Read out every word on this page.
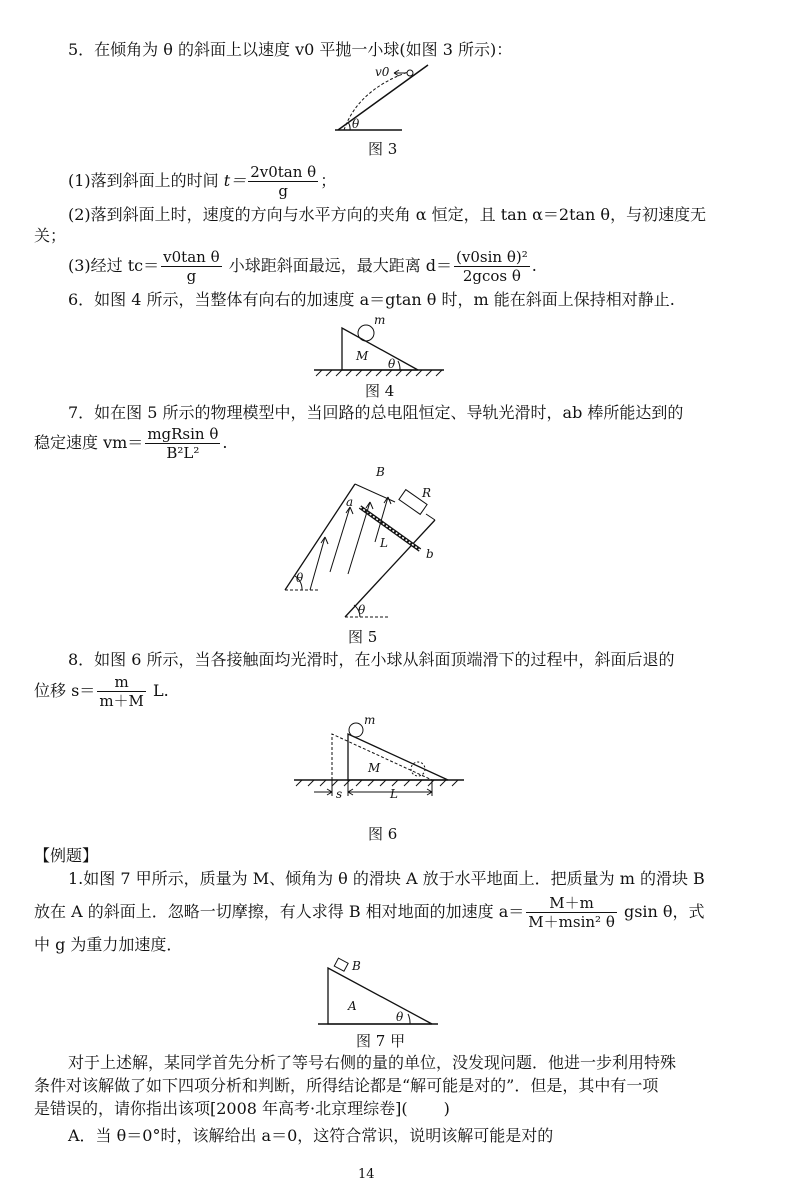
5．在倾角为 θ 的斜面上以速度 v0 平抛一小球(如图 3 所示)：
v0
θ
图 3
(1)落到斜面上的时间 $t= \frac{\text{2v0tan θ}}{g}$ ；
(2)落到斜面上时，速度的方向与水平方向的夹角 α 恒定，且 tan α＝2tan θ，与初速度无
关；
(3)经过 $tc= \frac{\text{v0tan θ}}{g}$ 小球距斜面最远，最大距离 $d= \frac{\text{(v0sin θ)²}}{\text{2gcos θ}}$ .
6．如图 4 所示，当整体有向右的加速度 a＝gtan θ 时，m 能在斜面上保持相对静止.
m
M
θ
图 4
7．如在图 5 所示的物理模型中，当回路的总电阻恒定、导轨光滑时，ab 棒所能达到的
稳定速度 $vm= \frac{\text{mgRsin θ}}{\text{B²L²}}$ .
B
R
a
b
L
θ
θ
图 5
8．如图 6 所示，当各接触面均光滑时，在小球从斜面顶端滑下的过程中，斜面后退的
位移 $s= \frac{m}{m+M} L$.
m
M
s	L
图 6
【例题】
1.如图 7 甲所示，质量为 M、倾角为 θ 的滑块 A 放于水平地面上．把质量为 m 的滑块 B
放在 A 的斜面上．忽略一切摩擦，有人求得 B 相对地面的加速度 $a= \frac{M+m}{\text{M＋msin² θ}}$ gsin θ，式
中 g 为重力加速度．
B
A
θ
图 7 甲
对于上述解，某同学首先分析了等号右侧的量的单位，没发现问题．他进一步利用特殊
条件对该解做了如下四项分析和判断，所得结论都是“解可能是对的”．但是，其中有一项
是错误的，请你指出该项[2008 年高考·北京理综卷]( )
A．当 θ＝0°时，该解给出 a＝0，这符合常识，说明该解可能是对的
14
